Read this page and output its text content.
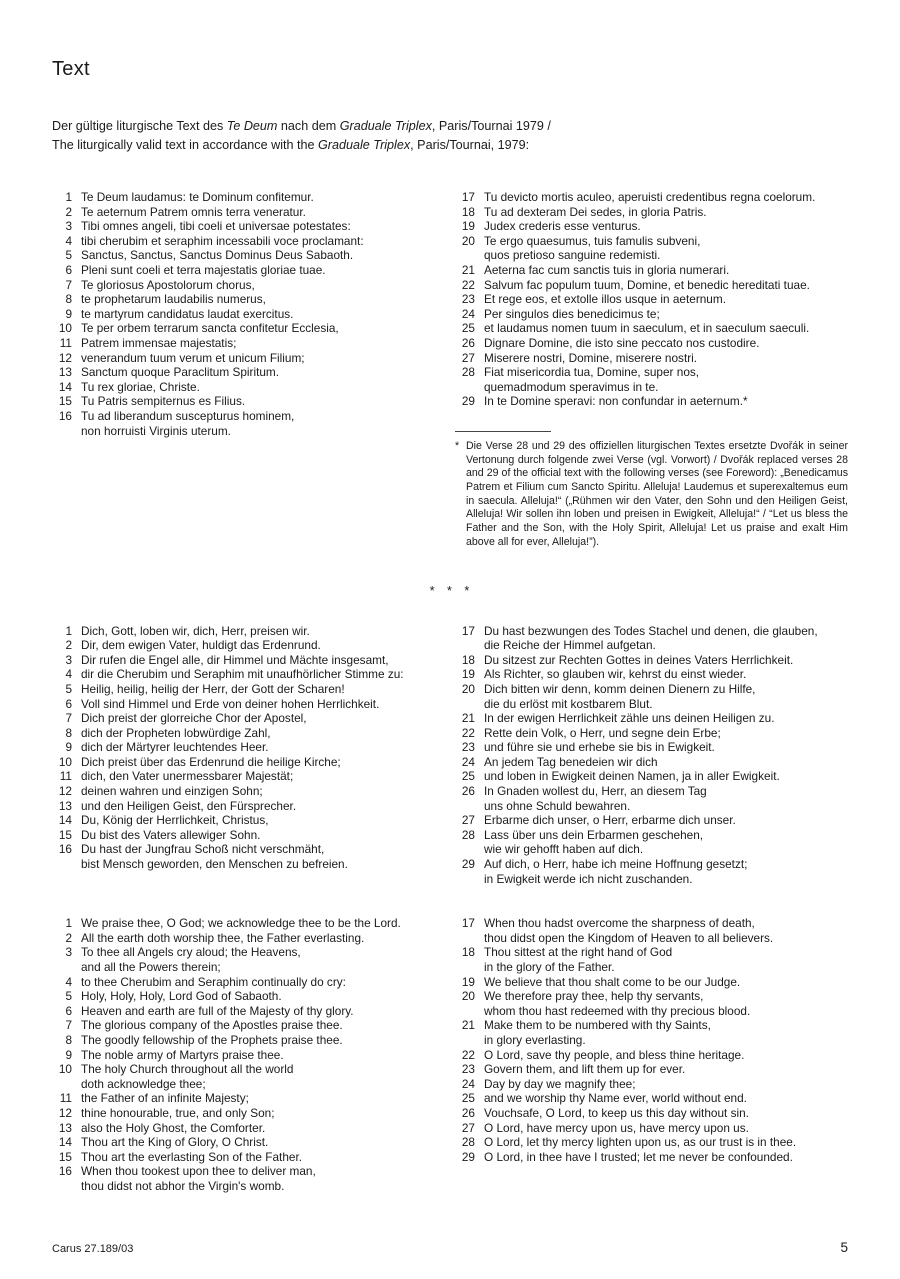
Text

Der gültige liturgische Text des Te Deum nach dem Graduale Triplex, Paris/Tournai 1979 /

The liturgically valid text in accordance with the Graduale Triplex, Paris/Tournai, 1979:

1 Te Deum laudamus: te Dominum confitemur.
2 Te aeternum Patrem omnis terra veneratur.
3 Tibi omnes angeli, tibi coeli et universae potestates:
4 tibi cherubim et seraphim incessabili voce proclamant:
5 Sanctus, Sanctus, Sanctus Dominus Deus Sabaoth.
6 Pleni sunt coeli et terra majestatis gloriae tuae.
7 Te gloriosus Apostolorum chorus,
8 te prophetarum laudabilis numerus,
9 te martyrum candidatus laudat exercitus.
10 Te per orbem terrarum sancta confitetur Ecclesia,
11 Patrem immensae majestatis;
12 venerandum tuum verum et unicum Filium;
13 Sanctum quoque Paraclitum Spiritum.
14 Tu rex gloriae, Christe.
15 Tu Patris sempiternus es Filius.
16 Tu ad liberandum suscepturus hominem,
non horruisti Virginis uterum.
17 Tu devicto mortis aculeo, aperuisti credentibus regna coelorum.
18 Tu ad dexteram Dei sedes, in gloria Patris.
19 Judex crederis esse venturus.
20 Te ergo quaesumus, tuis famulis subveni,
quos pretioso sanguine redemisti.
21 Aeterna fac cum sanctis tuis in gloria numerari.
22 Salvum fac populum tuum, Domine, et benedic hereditati tuae.
23 Et rege eos, et extolle illos usque in aeternum.
24 Per singulos dies benedicimus te;
25 et laudamus nomen tuum in saeculum, et in saeculum saeculi.
26 Dignare Domine, die isto sine peccato nos custodire.
27 Miserere nostri, Domine, miserere nostri.
28 Fiat misericordia tua, Domine, super nos,
quemadmodum speravimus in te.
29 In te Domine speravi: non confundar in aeternum.*
* Die Verse 28 und 29 des offiziellen liturgischen Textes ersetzte Dvořák in seiner Vertonung durch folgende zwei Verse (vgl. Vorwort) / Dvořák replaced verses 28 and 29 of the official text with the following verses (see Foreword): „Benedicamus Patrem et Filium cum Sancto Spiritu. Alleluja! Laudemus et superexaltemus eum in saecula. Alleluja!“ („Rühmen wir den Vater, den Sohn und den Heiligen Geist, Alleluja! Wir sollen ihn loben und preisen in Ewigkeit, Alleluja!“ / “Let us bless the Father and the Son, with the Holy Spirit, Alleluja! Let us praise and exalt Him above all for ever, Alleluja!”).
* * *
1 Dich, Gott, loben wir, dich, Herr, preisen wir.
2 Dir, dem ewigen Vater, huldigt das Erdenrund.
3 Dir rufen die Engel alle, dir Himmel und Mächte insgesamt,
4 dir die Cherubim und Seraphim mit unaufhörlicher Stimme zu:
5 Heilig, heilig, heilig der Herr, der Gott der Scharen!
6 Voll sind Himmel und Erde von deiner hohen Herrlichkeit.
7 Dich preist der glorreiche Chor der Apostel,
8 dich der Propheten lobwürdige Zahl,
9 dich der Märtyrer leuchtendes Heer.
10 Dich preist über das Erdenrund die heilige Kirche;
11 dich, den Vater unermessbarer Majestät;
12 deinen wahren und einzigen Sohn;
13 und den Heiligen Geist, den Fürsprecher.
14 Du, König der Herrlichkeit, Christus,
15 Du bist des Vaters allewiger Sohn.
16 Du hast der Jungfrau Schoß nicht verschmäht,
bist Mensch geworden, den Menschen zu befreien.
17 Du hast bezwungen des Todes Stachel und denen, die glauben,
die Reiche der Himmel aufgetan.
18 Du sitzest zur Rechten Gottes in deines Vaters Herrlichkeit.
19 Als Richter, so glauben wir, kehrst du einst wieder.
20 Dich bitten wir denn, komm deinen Dienern zu Hilfe,
die du erlöst mit kostbarem Blut.
21 In der ewigen Herrlichkeit zähle uns deinen Heiligen zu.
22 Rette dein Volk, o Herr, und segne dein Erbe;
23 und führe sie und erhebe sie bis in Ewigkeit.
24 An jedem Tag benedeien wir dich
25 und loben in Ewigkeit deinen Namen, ja in aller Ewigkeit.
26 In Gnaden wollest du, Herr, an diesem Tag
uns ohne Schuld bewahren.
27 Erbarme dich unser, o Herr, erbarme dich unser.
28 Lass über uns dein Erbarmen geschehen,
wie wir gehofft haben auf dich.
29 Auf dich, o Herr, habe ich meine Hoffnung gesetzt;
in Ewigkeit werde ich nicht zuschanden.
1 We praise thee, O God; we acknowledge thee to be the Lord.
2 All the earth doth worship thee, the Father everlasting.
3 To thee all Angels cry aloud; the Heavens,
and all the Powers therein;
4 to thee Cherubim and Seraphim continually do cry:
5 Holy, Holy, Holy, Lord God of Sabaoth.
6 Heaven and earth are full of the Majesty of thy glory.
7 The glorious company of the Apostles praise thee.
8 The goodly fellowship of the Prophets praise thee.
9 The noble army of Martyrs praise thee.
10 The holy Church throughout all the world
doth acknowledge thee;
11 the Father of an infinite Majesty;
12 thine honourable, true, and only Son;
13 also the Holy Ghost, the Comforter.
14 Thou art the King of Glory, O Christ.
15 Thou art the everlasting Son of the Father.
16 When thou tookest upon thee to deliver man,
thou didst not abhor the Virgin's womb.
17 When thou hadst overcome the sharpness of death,
thou didst open the Kingdom of Heaven to all believers.
18 Thou sittest at the right hand of God
in the glory of the Father.
19 We believe that thou shalt come to be our Judge.
20 We therefore pray thee, help thy servants,
whom thou hast redeemed with thy precious blood.
21 Make them to be numbered with thy Saints,
in glory everlasting.
22 O Lord, save thy people, and bless thine heritage.
23 Govern them, and lift them up for ever.
24 Day by day we magnify thee;
25 and we worship thy Name ever, world without end.
26 Vouchsafe, O Lord, to keep us this day without sin.
27 O Lord, have mercy upon us, have mercy upon us.
28 O Lord, let thy mercy lighten upon us, as our trust is in thee.
29 O Lord, in thee have I trusted; let me never be confounded.
Carus 27.189/03	5
